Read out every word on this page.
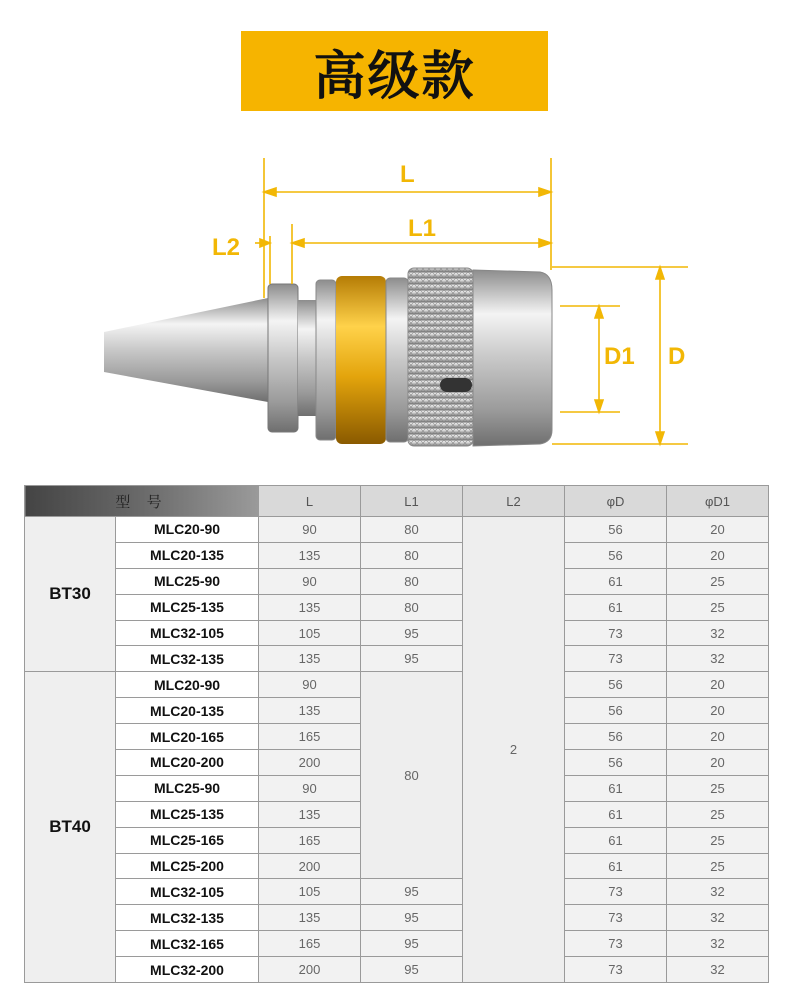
高级款
L
L1
L2
D1 D
型 号		L	L1	L2	φD	φD1
BT30	MLC20-90	90	80	2	56	20
	MLC20-135	135	80		56	20
	MLC25-90	90	80		61	25
	MLC25-135	135	80		61	25
	MLC32-105	105	95		73	32
	MLC32-135	135	95		73	32
BT40	MLC20-90	90	80		56	20
	MLC20-135	135			56	20
	MLC20-165	165			56	20
	MLC20-200	200			56	20
	MLC25-90	90			61	25
	MLC25-135	135			61	25
	MLC25-165	165			61	25
	MLC25-200	200			61	25
	MLC32-105	105	95		73	32
	MLC32-135	135	95		73	32
	MLC32-165	165	95		73	32
	MLC32-200	200	95		73	32
